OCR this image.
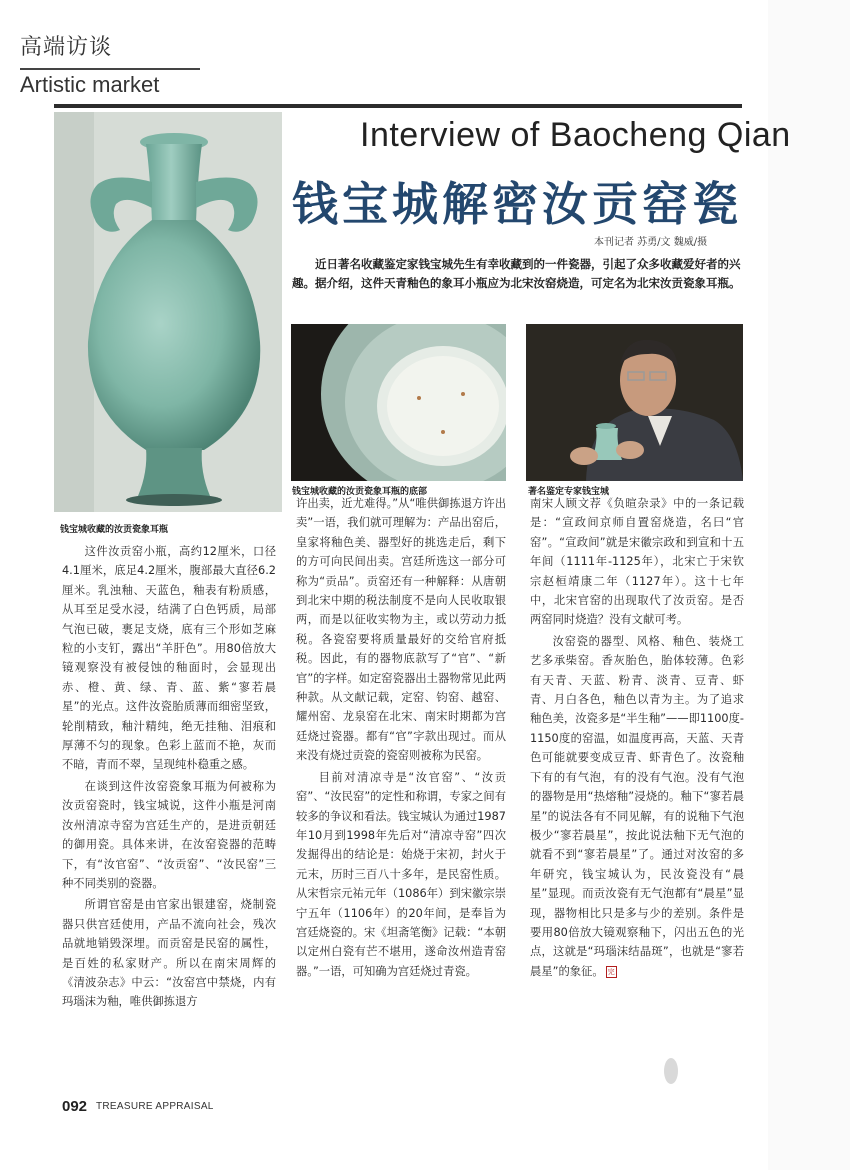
高端访谈
Artistic market
钱宝城收藏的汝贡瓷象耳瓶
Interview of Baocheng Qian
钱宝城解密汝贡窑瓷
本刊记者 苏勇/文 魏威/摄

近日著名收藏鉴定家钱宝城先生有幸收藏到的一件瓷器，引起了众多收藏爱好者的兴趣。据介绍，这件天青釉色的象耳小瓶应为北宋汝窑烧造，可定名为北宋汝贡瓷象耳瓶。

钱宝城收藏的汝贡瓷象耳瓶的底部	著名鉴定专家钱宝城

这件汝贡窑小瓶，高约12厘米，口径4.1厘米，底足4.2厘米，腹部最大直径6.2厘米。乳浊釉、天蓝色，釉表有粉质感，从耳至足受水浸，结满了白色钙质，局部气泡已破，裹足支烧，底有三个形如芝麻粒的小支钉，露出“羊肝色”。用80倍放大镜观察没有被侵蚀的釉面时，会显现出赤、橙、黄、绿、青、蓝、紫“寥若晨星”的光点。这件汝瓷胎质薄而细密坚致，轮削精致，釉汁精纯，绝无挂釉、泪痕和厚薄不匀的现象。色彩上蓝而不艳，灰而不暗，青而不翠，呈现纯朴稳重之感。

在谈到这件汝窑瓷象耳瓶为何被称为汝贡窑瓷时，钱宝城说，这件小瓶是河南汝州清凉寺窑为宫廷生产的，是进贡朝廷的御用瓷。具体来讲，在汝窑瓷器的范畴下，有“汝官窑”、“汝贡窑”、“汝民窑”三种不同类别的瓷器。

所谓官窑是由官家出银建窑，烧制瓷器只供宫廷使用，产品不流向社会，残次品就地销毁深埋。而贡窑是民窑的属性，是百姓的私家财产。所以在南宋周辉的《清波杂志》中云：“汝窑宫中禁烧，内有玛瑙沫为釉，唯供御拣退方

许出卖，近尤难得。”从“唯供御拣退方许出卖”一语，我们就可理解为：产品出窑后，皇家将釉色美、器型好的挑选走后，剩下的方可向民间出卖。宫廷所选这一部分可称为“贡品”。贡窑还有一种解释：从唐朝到北宋中期的税法制度不是向人民收取银两，而是以征收实物为主，或以劳动力抵税。各瓷窑要将质量最好的交给官府抵税。因此，有的器物底款写了“官”、“新官”的字样。如定窑瓷器出土器物常见此两种款。从文献记载，定窑、钧窑、越窑、耀州窑、龙泉窑在北宋、南宋时期都为宫廷烧过瓷器。都有“官”字款出现过。而从来没有烧过贡瓷的瓷窑则被称为民窑。

目前对清凉寺是“汝官窑”、“汝贡窑”、“汝民窑”的定性和称谓，专家之间有较多的争议和看法。钱宝城认为通过1987年10月到1998年先后对“清凉寺窑”四次发掘得出的结论是：始烧于宋初，封火于元末，历时三百八十多年，是民窑性质。从宋哲宗元祐元年（1086年）到宋徽宗崇宁五年（1106年）的20年间，是奉旨为宫廷烧瓷的。宋《坦斋笔衡》记载：“本朝以定州白瓷有芒不堪用，遂命汝州造青窑器。”一语，可知确为宫廷烧过青瓷。

南宋人顾文荐《负暄杂录》中的一条记载是：“宣政间京师自置窑烧造，名曰“官窑”。“宣政间”就是宋徽宗政和到宣和十五年间（1111年-1125年），北宋亡于宋钦宗赵桓靖康二年（1127年）。这十七年中，北宋官窑的出现取代了汝贡窑。是否两窑同时烧造？没有文献可考。

汝窑瓷的器型、风格、釉色、装烧工艺多承柴窑。香灰胎色，胎体较薄。色彩有天青、天蓝、粉青、淡青、豆青、虾青、月白各色，釉色以青为主。为了追求釉色美，汝瓷多是“半生釉”——即1100度-1150度的窑温，如温度再高，天蓝、天青色可能就要变成豆青、虾青色了。汝瓷釉下有的有气泡，有的没有气泡。没有气泡的器物是用“热熔釉”浸烧的。釉下“寥若晨星”的说法各有不同见解，有的说釉下气泡极少“寥若晨星”，按此说法釉下无气泡的就看不到“寥若晨星”了。通过对汝窑的多年研究，钱宝城认为，民汝瓷没有“晨星”显现。而贡汝瓷有无气泡都有“晨星”显现，器物相比只是多与少的差别。条件是要用80倍放大镜观察釉下，闪出五色的光点，这就是“玛瑙沫结晶斑”，也就是“寥若晨星”的象征。 完

092 TREASURE APPRAISAL
